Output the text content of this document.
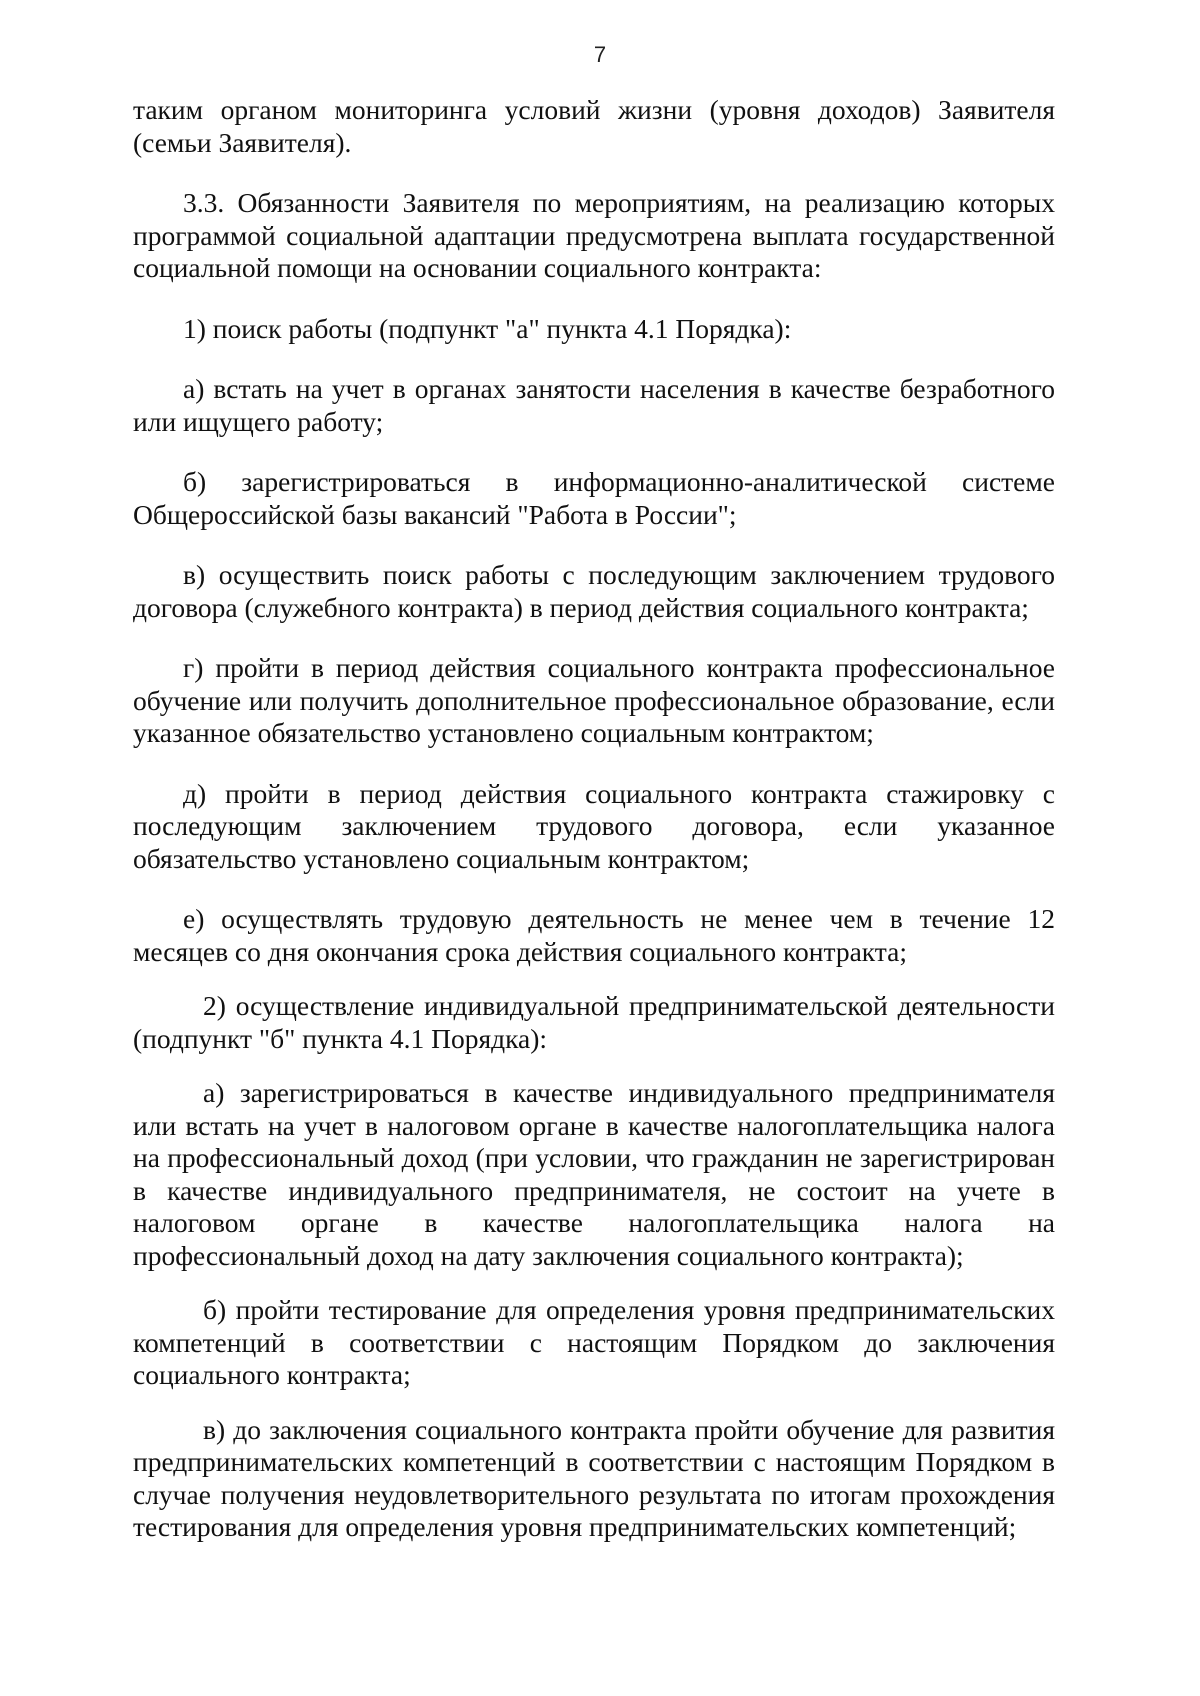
7

таким органом мониторинга условий жизни (уровня доходов) Заявителя (семьи Заявителя).

3.3. Обязанности Заявителя по мероприятиям, на реализацию которых программой социальной адаптации предусмотрена выплата государственной социальной помощи на основании социального контракта:

1) поиск работы (подпункт "а" пункта 4.1 Порядка):

а) встать на учет в органах занятости населения в качестве безработного или ищущего работу;

б) зарегистрироваться в информационно-аналитической системе Общероссийской базы вакансий "Работа в России";

в) осуществить поиск работы с последующим заключением трудового договора (служебного контракта) в период действия социального контракта;

г) пройти в период действия социального контракта профессиональное обучение или получить дополнительное профессиональное образование, если указанное обязательство установлено социальным контрактом;

д) пройти в период действия социального контракта стажировку с последующим заключением трудового договора, если указанное обязательство установлено социальным контрактом;

е) осуществлять трудовую деятельность не менее чем в течение 12 месяцев со дня окончания срока действия социального контракта;

2) осуществление индивидуальной предпринимательской деятельности (подпункт "б" пункта 4.1 Порядка):

а) зарегистрироваться в качестве индивидуального предпринимателя или встать на учет в налоговом органе в качестве налогоплательщика налога на профессиональный доход (при условии, что гражданин не зарегистрирован в качестве индивидуального предпринимателя, не состоит на учете в налоговом органе в качестве налогоплательщика налога на профессиональный доход на дату заключения социального контракта);

б) пройти тестирование для определения уровня предпринимательских компетенций в соответствии с настоящим Порядком до заключения социального контракта;

в) до заключения социального контракта пройти обучение для развития предпринимательских компетенций в соответствии с настоящим Порядком в случае получения неудовлетворительного результата по итогам прохождения тестирования для определения уровня предпринимательских компетенций;
